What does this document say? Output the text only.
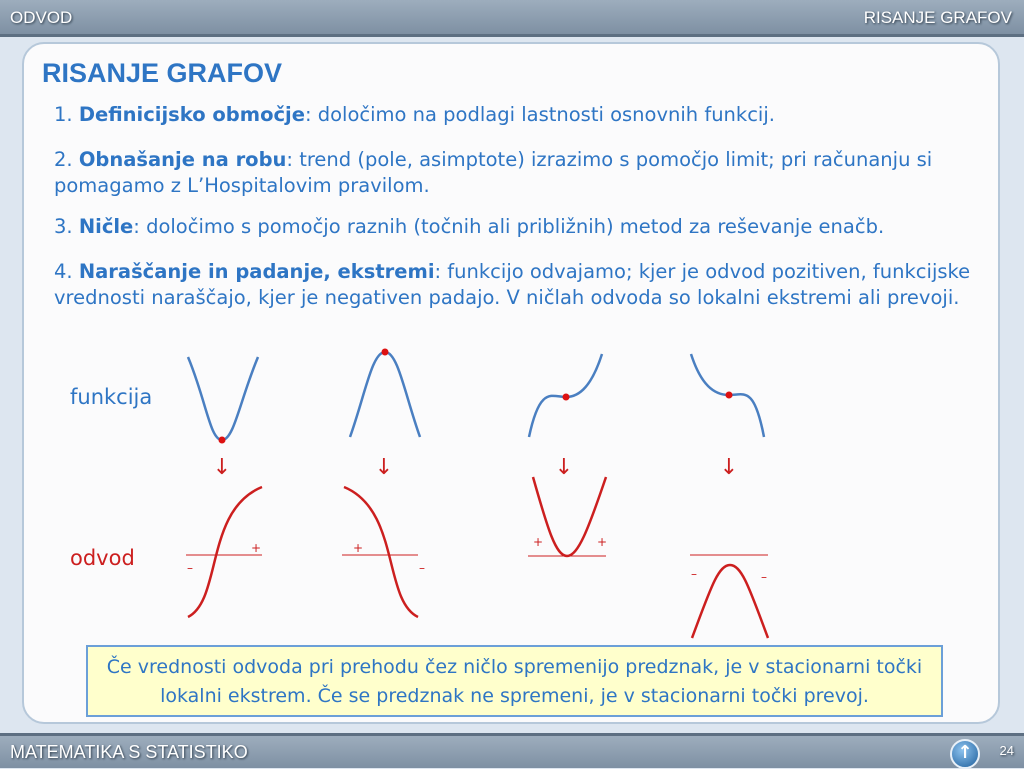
ODVOD	RISANJE GRAFOV
RISANJE GRAFOV
1. Definicijsko območje: določimo na podlagi lastnosti osnovnih funkcij.
2. Obnašanje na robu: trend (pole, asimptote) izrazimo s pomočjo limit; pri računanju si pomagamo z L’Hospitalovim pravilom.
3. Ničle: določimo s pomočjo raznih (točnih ali približnih) metod za reševanje enačb.
4. Naraščanje in padanje, ekstremi: funkcijo odvajamo; kjer je odvod pozitiven, funkcijske vrednosti naraščajo, kjer je negativen padajo. V ničlah odvoda so lokalni ekstremi ali prevoji.
funkcija
odvod
↓	↓	↓	↓
+
–
+
–
+	+
–	–
Če vrednosti odvoda pri prehodu čez ničlo spremenijo predznak, je v stacionarni točki lokalni ekstrem. Če se predznak ne spremeni, je v stacionarni točki prevoj.
MATEMATIKA S STATISTIKO	↑	24
